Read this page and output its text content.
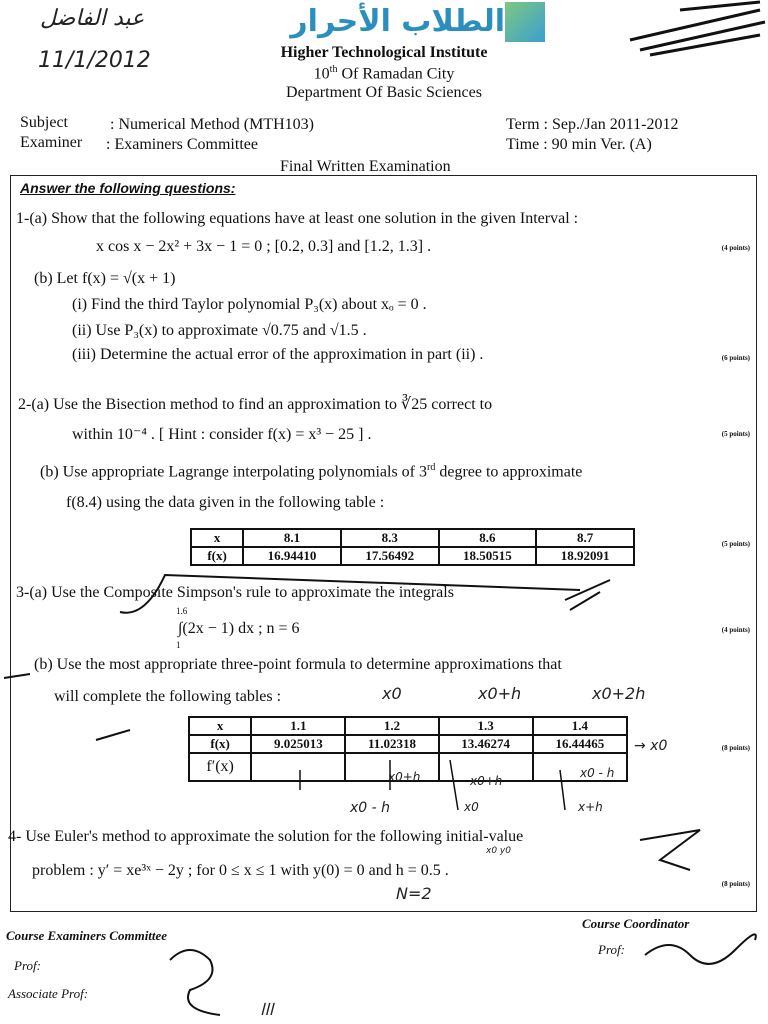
الطلاب الأحرار
عبد الفاضل
11/1/2012	Higher Technological Institute
10th Of Ramadan City
Department Of Basic Sciences
Subject	: Numerical Method (MTH103)
Examiner : Examiners Committee
Term : Sep./Jan 2011-2012
Time : 90 min Ver. (A)
Final Written Examination
Answer the following questions:
1-(a) Show that the following equations have at least one solution in the given Interval :
x cos x − 2x² + 3x − 1 = 0 ; [0.2, 0.3] and [1.2, 1.3] .	(4 points)
(b) Let f(x) = √(x + 1)
(i) Find the third Taylor polynomial P₃(x) about xₒ = 0 .
(ii) Use P₃(x) to approximate √0.75 and √1.5 .
(iii) Determine the actual error of the approximation in part (ii) .	(6 points)
2-(a) Use the Bisection method to find an approximation to ∛25 correct to
within 10⁻⁴ . [ Hint : consider f(x) = x³ − 25 ] .	(5 points)
(b) Use appropriate Lagrange interpolating polynomials of 3rd degree to approximate
f(8.4) using the data given in the following table :
x	8.1	8.3	8.6	8.7
f(x)	16.94410	17.56492	18.50515	18.92091
(5 points)
3-(a) Use the Composite Simpson's rule to approximate the integrals
1.6
∫(2x − 1) dx ; n = 6
1
(4 points)
(b) Use the most appropriate three-point formula to determine approximations that
will complete the following tables :
x	1.1	1.2	1.3	1.4
f(x)	9.025013	11.02318	13.46274	16.44465
f′(x)				
(8 points)
x0	x0+h	x0+2h
→ x0
x0+h	x0+h
x0 - h
x0 - h	x0	x+h
4- Use Euler's method to approximate the solution for the following initial-value
problem : y′ = xe³ˣ − 2y ; for 0 ≤ x ≤ 1 with y(0) = 0 and h = 0.5 .
(8 points)
N=2
x0 y0
Course Examiners Committee
Prof:
Associate Prof:
Course Coordinator
Prof:
ااا
